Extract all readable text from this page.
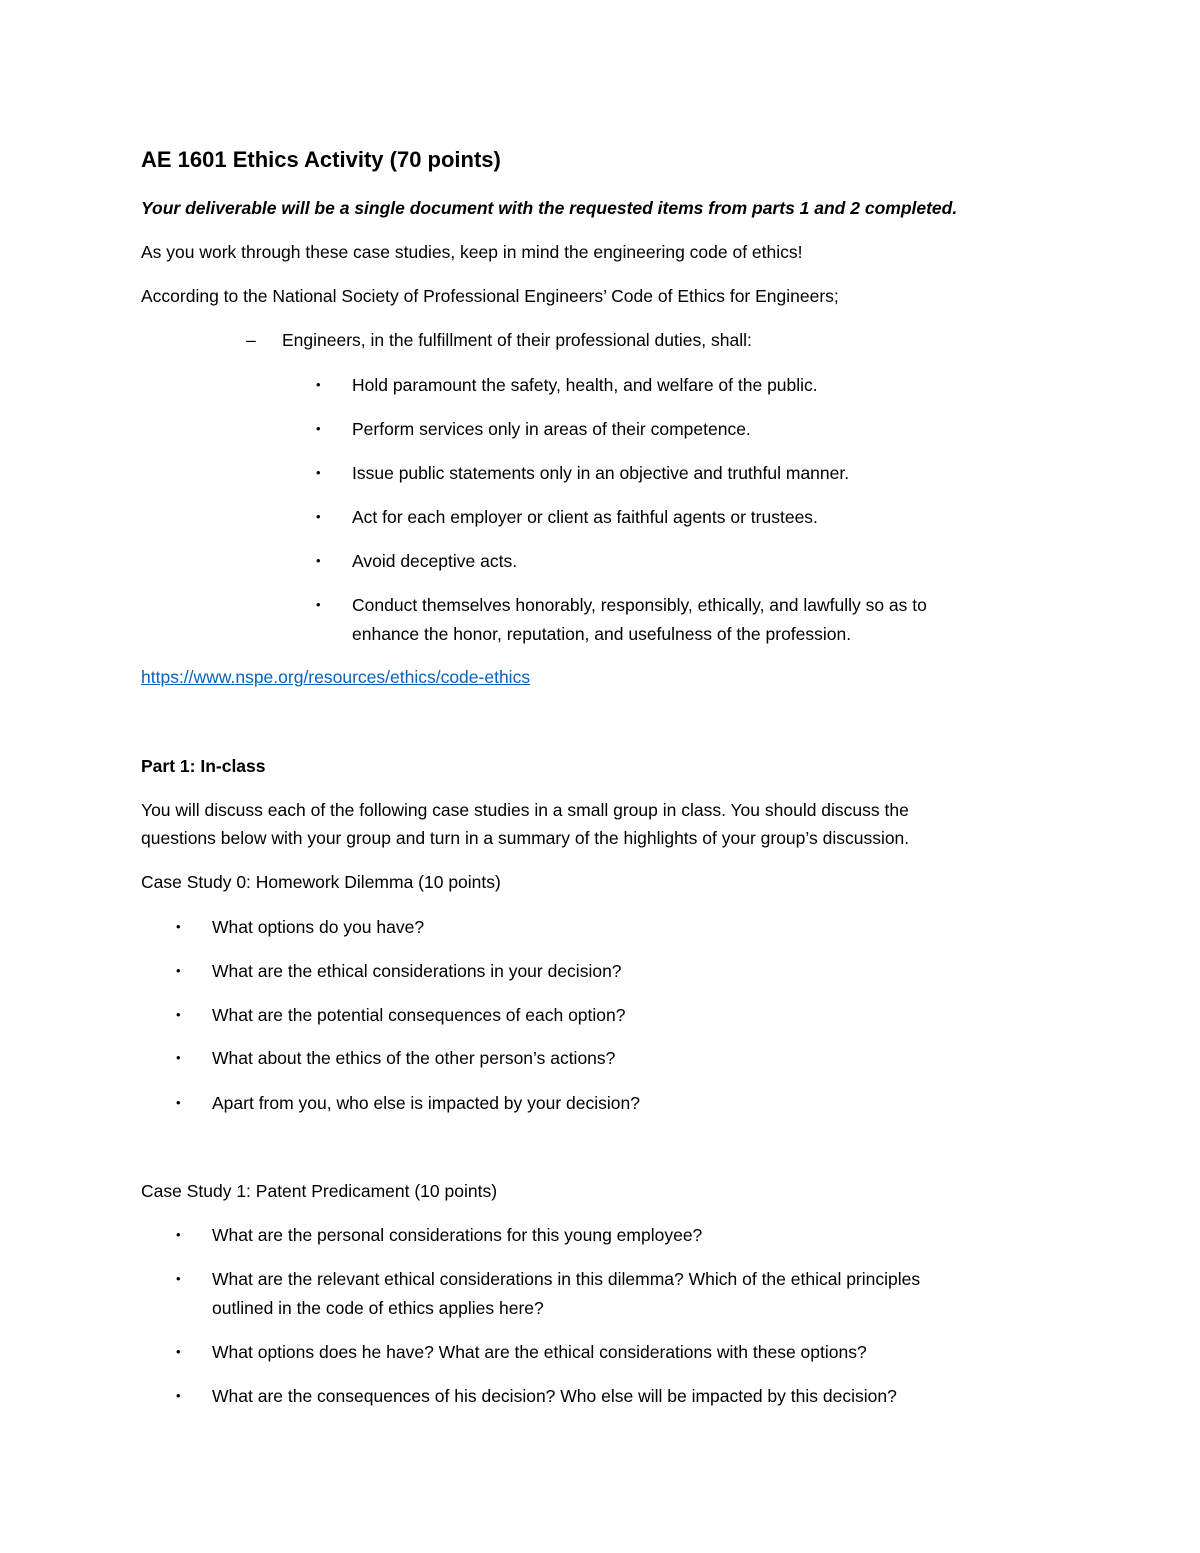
AE 1601 Ethics Activity (70 points)
Your deliverable will be a single document with the requested items from parts 1 and 2 completed.
As you work through these case studies, keep in mind the engineering code of ethics!
According to the National Society of Professional Engineers’ Code of Ethics for Engineers;
– Engineers, in the fulfillment of their professional duties, shall:
• Hold paramount the safety, health, and welfare of the public.
• Perform services only in areas of their competence.
• Issue public statements only in an objective and truthful manner.
• Act for each employer or client as faithful agents or trustees.
• Avoid deceptive acts.
• Conduct themselves honorably, responsibly, ethically, and lawfully so as to
enhance the honor, reputation, and usefulness of the profession.
https://www.nspe.org/resources/ethics/code-ethics
Part 1: In-class
You will discuss each of the following case studies in a small group in class. You should discuss the
questions below with your group and turn in a summary of the highlights of your group’s discussion.
Case Study 0: Homework Dilemma (10 points)
• What options do you have?
• What are the ethical considerations in your decision?
• What are the potential consequences of each option?
• What about the ethics of the other person’s actions?
• Apart from you, who else is impacted by your decision?
Case Study 1: Patent Predicament (10 points)
• What are the personal considerations for this young employee?
• What are the relevant ethical considerations in this dilemma? Which of the ethical principles
outlined in the code of ethics applies here?
• What options does he have? What are the ethical considerations with these options?
• What are the consequences of his decision? Who else will be impacted by this decision?
